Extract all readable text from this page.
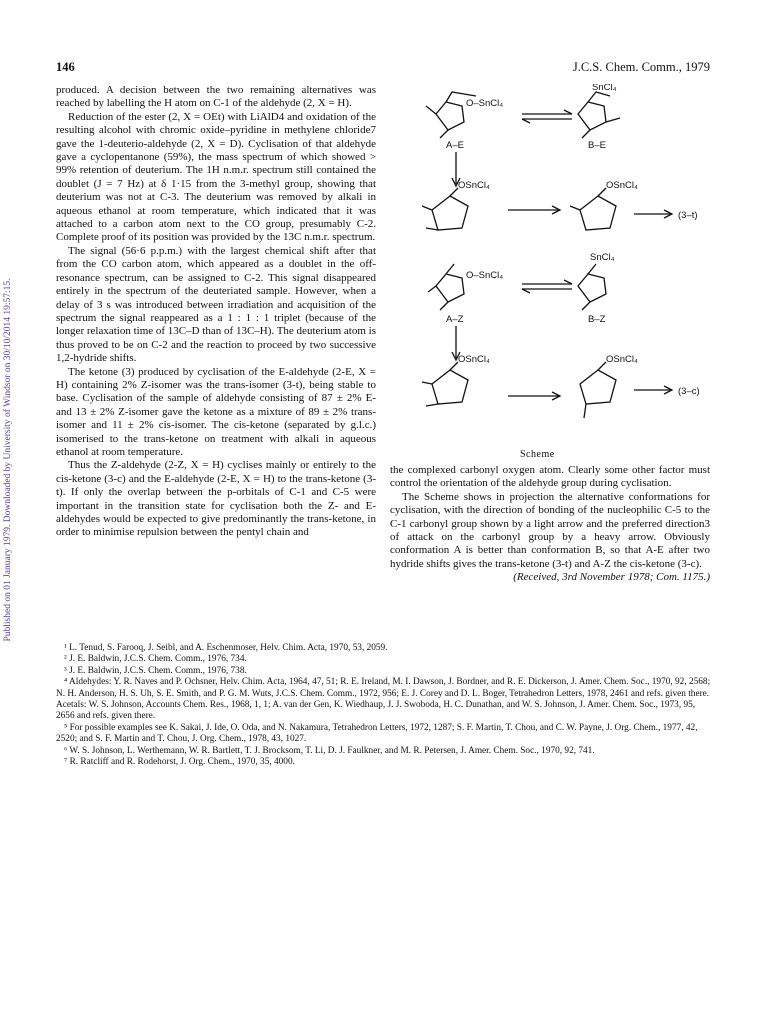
Published on 01 January 1979. Downloaded by University of Windsor on 30/10/2014 19:57:15.
146	J.C.S. Chem. Comm., 1979

produced. A decision between the two remaining alternatives was reached by labelling the H atom on C-1 of the aldehyde (2, X = H).

Reduction of the ester (2, X = OEt) with LiAlD4 and oxidation of the resulting alcohol with chromic oxide–pyridine in methylene chloride7 gave the 1-deuterio-aldehyde (2, X = D). Cyclisation of that aldehyde gave a cyclopentanone (59%), the mass spectrum of which showed > 99% retention of deuterium. The 1H n.m.r. spectrum still contained the doublet (J = 7 Hz) at δ 1·15 from the 3-methyl group, showing that deuterium was not at C-3. The deuterium was removed by alkali in aqueous ethanol at room temperature, which indicated that it was attached to a carbon atom next to the CO group, presumably C-2. Complete proof of its position was provided by the 13C n.m.r. spectrum.

The signal (56·6 p.p.m.) with the largest chemical shift after that from the CO carbon atom, which appeared as a doublet in the off-resonance spectrum, can be assigned to C-2. This signal disappeared entirely in the spectrum of the deuteriated sample. However, when a delay of 3 s was introduced between irradiation and acquisition of the spectrum the signal reappeared as a 1 : 1 : 1 triplet (because of the longer relaxation time of 13C–D than of 13C–H). The deuterium atom is thus proved to be on C-2 and the reaction to proceed by two successive 1,2-hydride shifts.

The ketone (3) produced by cyclisation of the E-aldehyde (2-E, X = H) containing 2% Z-isomer was the trans-isomer (3-t), being stable to base. Cyclisation of the sample of aldehyde consisting of 87 ± 2% E- and 13 ± 2% Z-isomer gave the ketone as a mixture of 89 ± 2% trans-isomer and 11 ± 2% cis-isomer. The cis-ketone (separated by g.l.c.) isomerised to the trans-ketone on treatment with alkali in aqueous ethanol at room temperature.

Thus the Z-aldehyde (2-Z, X = H) cyclises mainly or entirely to the cis-ketone (3-c) and the E-aldehyde (2-E, X = H) to the trans-ketone (3-t). If only the overlap between the p-orbitals of C-1 and C-5 were important in the transition state for cyclisation both the Z- and E-aldehydes would be expected to give predominantly the trans-ketone, in order to minimise repulsion between the pentyl chain and

O–SnCl₄
SnCl₄
A–E	B–E
OSnCl₄	OSnCl₄
(3–t)
SnCl₄
O–SnCl₄
A–Z	B–Z
OSnCl₄	OSnCl₄
(3–c)
Scheme

the complexed carbonyl oxygen atom. Clearly some other factor must control the orientation of the aldehyde group during cyclisation.

The Scheme shows in projection the alternative conformations for cyclisation, with the direction of bonding of the nucleophilic C-5 to the C-1 carbonyl group shown by a light arrow and the preferred direction3 of attack on the carbonyl group by a heavy arrow. Obviously conformation A is better than conformation B, so that A-E after two hydride shifts gives the trans-ketone (3-t) and A-Z the cis-ketone (3-c).

(Received, 3rd November 1978; Com. 1175.)

¹ L. Tenud, S. Farooq, J. Seibl, and A. Eschenmoser, Helv. Chim. Acta, 1970, 53, 2059.

² J. E. Baldwin, J.C.S. Chem. Comm., 1976, 734.

³ J. E. Baldwin, J.C.S. Chem. Comm., 1976, 738.

⁴ Aldehydes: Y. R. Naves and P. Ochsner, Helv. Chim. Acta, 1964, 47, 51; R. E. Ireland, M. I. Dawson, J. Bordner, and R. E. Dickerson, J. Amer. Chem. Soc., 1970, 92, 2568; N. H. Anderson, H. S. Uh, S. E. Smith, and P. G. M. Wuts, J.C.S. Chem. Comm., 1972, 956; E. J. Corey and D. L. Boger, Tetrahedron Letters, 1978, 2461 and refs. given there. Acetals: W. S. Johnson, Accounts Chem. Res., 1968, 1, 1; A. van der Gen, K. Wiedhaup, J. J. Swoboda, H. C. Dunathan, and W. S. Johnson, J. Amer. Chem. Soc., 1973, 95, 2656 and refs. given there.

⁵ For possible examples see K. Sakai, J. Ide, O. Oda, and N. Nakamura, Tetrahedron Letters, 1972, 1287; S. F. Martin, T. Chou, and C. W. Payne, J. Org. Chem., 1977, 42, 2520; and S. F. Martin and T. Chou, J. Org. Chem., 1978, 43, 1027.

⁶ W. S. Johnson, L. Werthemann, W. R. Bartlett, T. J. Brocksom, T. Li, D. J. Faulkner, and M. R. Petersen, J. Amer. Chem. Soc., 1970, 92, 741.

⁷ R. Ratcliff and R. Rodehorst, J. Org. Chem., 1970, 35, 4000.
